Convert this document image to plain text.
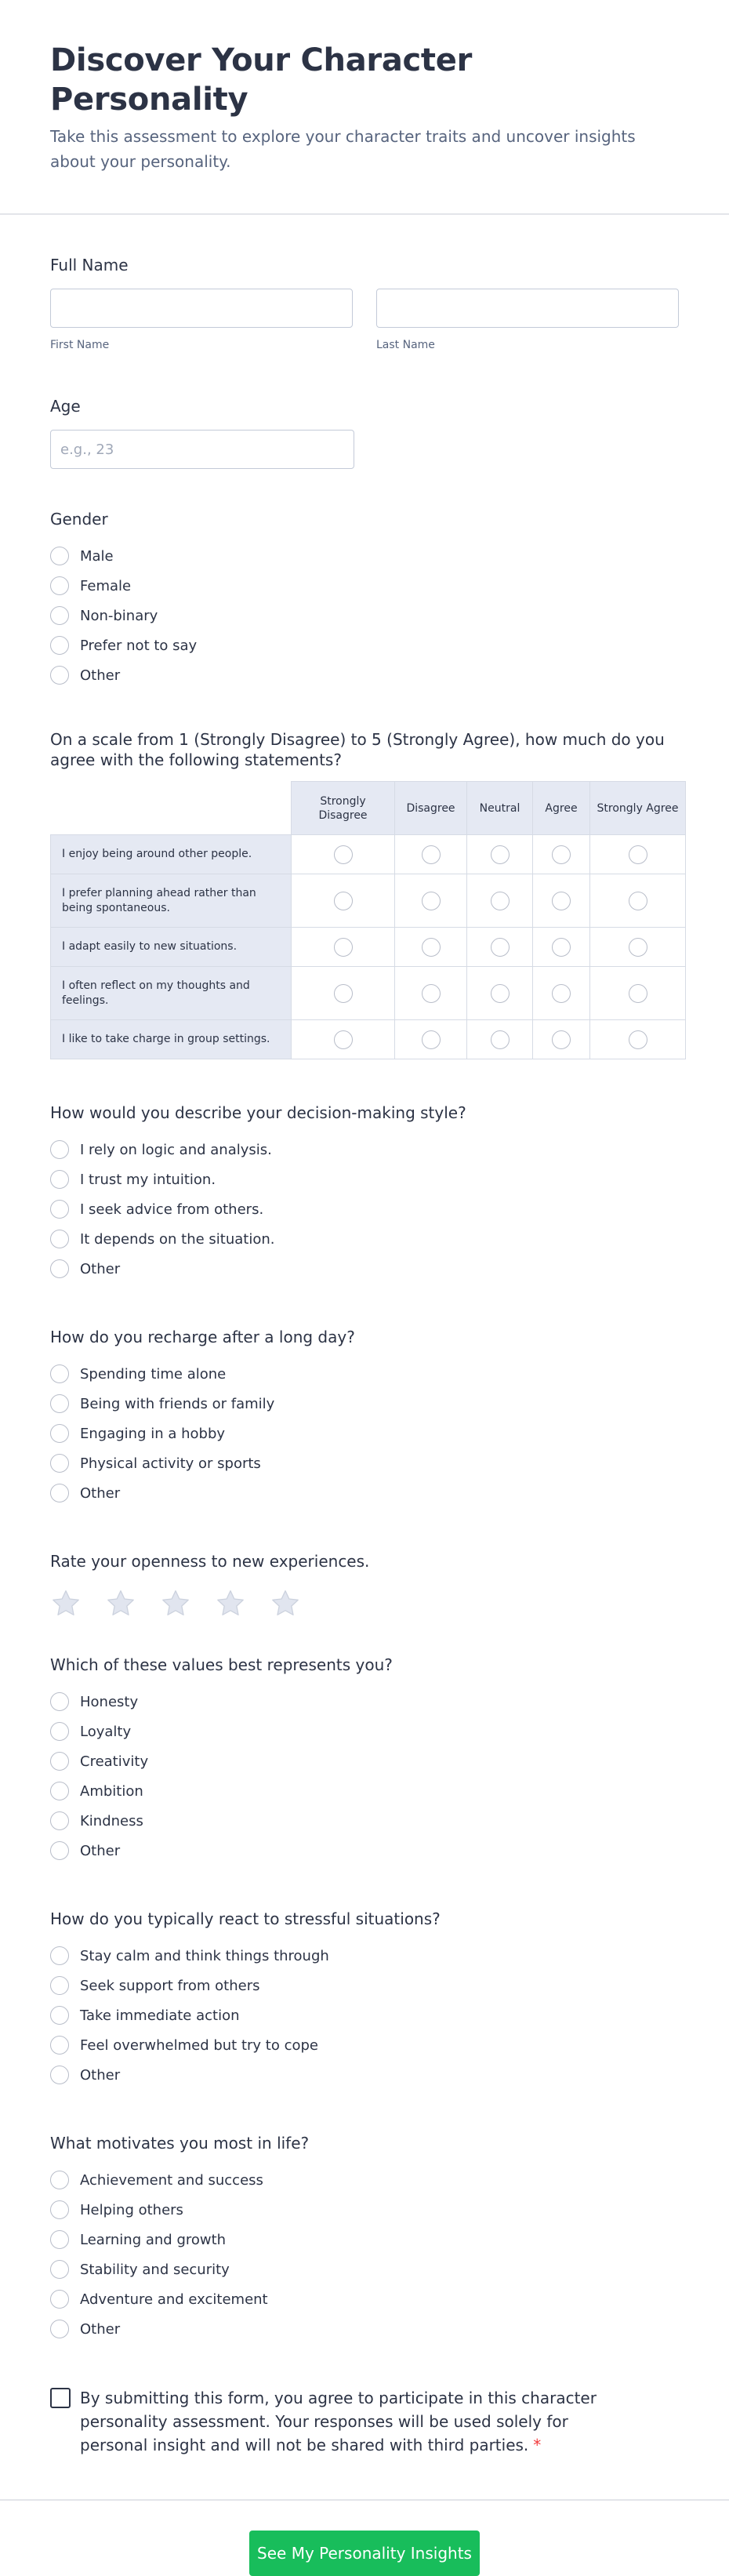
Discover Your Character Personality

Take this assessment to explore your character traits and uncover insights about your personality.

Full Name
First Name	Last Name
Age
e.g., 23
Gender
Male
Female
Non-binary
Prefer not to say
Other
On a scale from 1 (Strongly Disagree) to 5 (Strongly Agree), how much do you agree with the following statements?
	Strongly Disagree	Disagree	Neutral	Agree	Strongly Agree
I enjoy being around other people.					
I prefer planning ahead rather than being spontaneous.					
I adapt easily to new situations.					
I often reflect on my thoughts and feelings.					
I like to take charge in group settings.					
How would you describe your decision-making style?
I rely on logic and analysis.
I trust my intuition.
I seek advice from others.
It depends on the situation.
Other
How do you recharge after a long day?
Spending time alone
Being with friends or family
Engaging in a hobby
Physical activity or sports
Other
Rate your openness to new experiences.
Which of these values best represents you?
Honesty
Loyalty
Creativity
Ambition
Kindness
Other
How do you typically react to stressful situations?
Stay calm and think things through
Seek support from others
Take immediate action
Feel overwhelmed but try to cope
Other
What motivates you most in life?
Achievement and success
Helping others
Learning and growth
Stability and security
Adventure and excitement
Other
By submitting this form, you agree to participate in this character personality assessment. Your responses will be used solely for personal insight and will not be shared with third parties. *
See My Personality Insights
